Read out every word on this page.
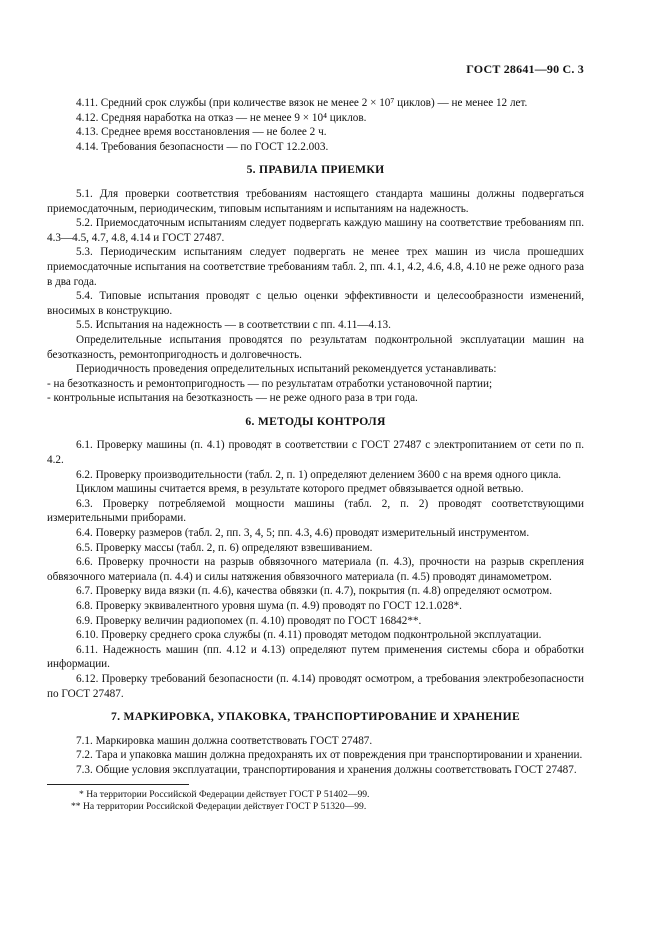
ГОСТ 28641—90 С. 3

4.11. Средний срок службы (при количестве вязок не менее 2 × 10⁷ циклов) — не менее 12 лет.

4.12. Средняя наработка на отказ — не менее 9 × 10⁴ циклов.

4.13. Среднее время восстановления — не более 2 ч.

4.14. Требования безопасности — по ГОСТ 12.2.003.

5. ПРАВИЛА ПРИЕМКИ

5.1. Для проверки соответствия требованиям настоящего стандарта машины должны подвергаться приемосдаточным, периодическим, типовым испытаниям и испытаниям на надежность.

5.2. Приемосдаточным испытаниям следует подвергать каждую машину на соответствие требованиям пп. 4.3—4.5, 4.7, 4.8, 4.14 и ГОСТ 27487.

5.3. Периодическим испытаниям следует подвергать не менее трех машин из числа прошедших приемосдаточные испытания на соответствие требованиям табл. 2, пп. 4.1, 4.2, 4.6, 4.8, 4.10 не реже одного раза в два года.

5.4. Типовые испытания проводят с целью оценки эффективности и целесообразности изменений, вносимых в конструкцию.

5.5. Испытания на надежность — в соответствии с пп. 4.11—4.13.

Определительные испытания проводятся по результатам подконтрольной эксплуатации машин на безотказность, ремонтопригодность и долговечность.

Периодичность проведения определительных испытаний рекомендуется устанавливать:

- на безотказность и ремонтопригодность — по результатам отработки установочной партии;

- контрольные испытания на безотказность — не реже одного раза в три года.

6. МЕТОДЫ КОНТРОЛЯ

6.1. Проверку машины (п. 4.1) проводят в соответствии с ГОСТ 27487 с электропитанием от сети по п. 4.2.

6.2. Проверку производительности (табл. 2, п. 1) определяют делением 3600 с на время одного цикла.

Циклом машины считается время, в результате которого предмет обвязывается одной ветвью.

6.3. Проверку потребляемой мощности машины (табл. 2, п. 2) проводят соответствующими измерительными приборами.

6.4. Поверку размеров (табл. 2, пп. 3, 4, 5; пп. 4.3, 4.6) проводят измерительный инструментом.

6.5. Проверку массы (табл. 2, п. 6) определяют взвешиванием.

6.6. Проверку прочности на разрыв обвязочного материала (п. 4.3), прочности на разрыв скрепления обвязочного материала (п. 4.4) и силы натяжения обвязочного материала (п. 4.5) проводят динамометром.

6.7. Проверку вида вязки (п. 4.6), качества обвязки (п. 4.7), покрытия (п. 4.8) определяют осмотром.

6.8. Проверку эквивалентного уровня шума (п. 4.9) проводят по ГОСТ 12.1.028*.

6.9. Проверку величин радиопомех (п. 4.10) проводят по ГОСТ 16842**.

6.10. Проверку среднего срока службы (п. 4.11) проводят методом подконтрольной эксплуатации.

6.11. Надежность машин (пп. 4.12 и 4.13) определяют путем применения системы сбора и обработки информации.

6.12. Проверку требований безопасности (п. 4.14) проводят осмотром, а требования электробезопасности по ГОСТ 27487.

7. МАРКИРОВКА, УПАКОВКА, ТРАНСПОРТИРОВАНИЕ И ХРАНЕНИЕ

7.1. Маркировка машин должна соответствовать ГОСТ 27487.

7.2. Тара и упаковка машин должна предохранять их от повреждения при транспортировании и хранении.

7.3. Общие условия эксплуатации, транспортирования и хранения должны соответствовать ГОСТ 27487.

* На территории Российской Федерации действует ГОСТ Р 51402—99.

** На территории Российской Федерации действует ГОСТ Р 51320—99.
